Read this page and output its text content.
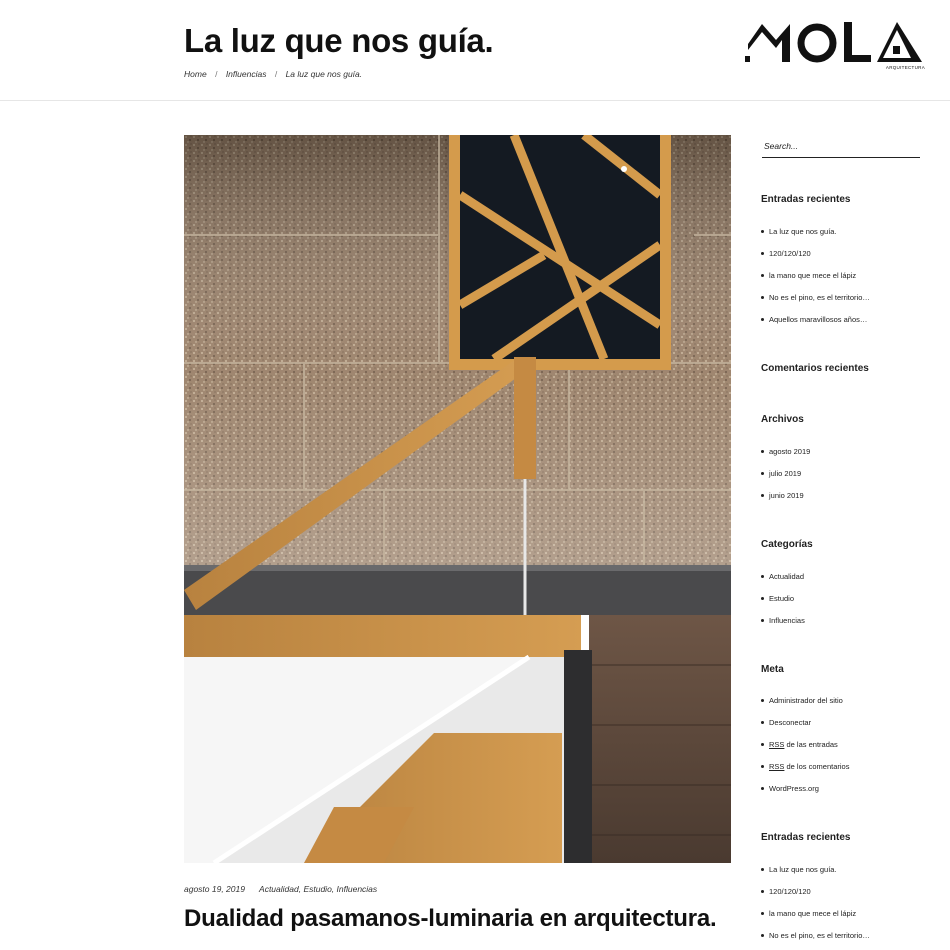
La luz que nos guía.
Home / Influencias / La luz que nos guía.
ARQUITECTURA
agosto 19, 2019 Actualidad, Estudio, Influencias
Dualidad pasamanos-luminaria en arquitectura.
Search...
Entradas recientes
La luz que nos guía.
120/120/120
la mano que mece el lápiz
No es el pino, es el territorio…
Aquellos maravillosos años…
Comentarios recientes
Archivos
agosto 2019
julio 2019
junio 2019
Categorías
Actualidad
Estudio
Influencias
Meta
Administrador del sitio
Desconectar
RSS de las entradas
RSS de los comentarios
WordPress.org
Entradas recientes
La luz que nos guía.
120/120/120
la mano que mece el lápiz
No es el pino, es el territorio…
